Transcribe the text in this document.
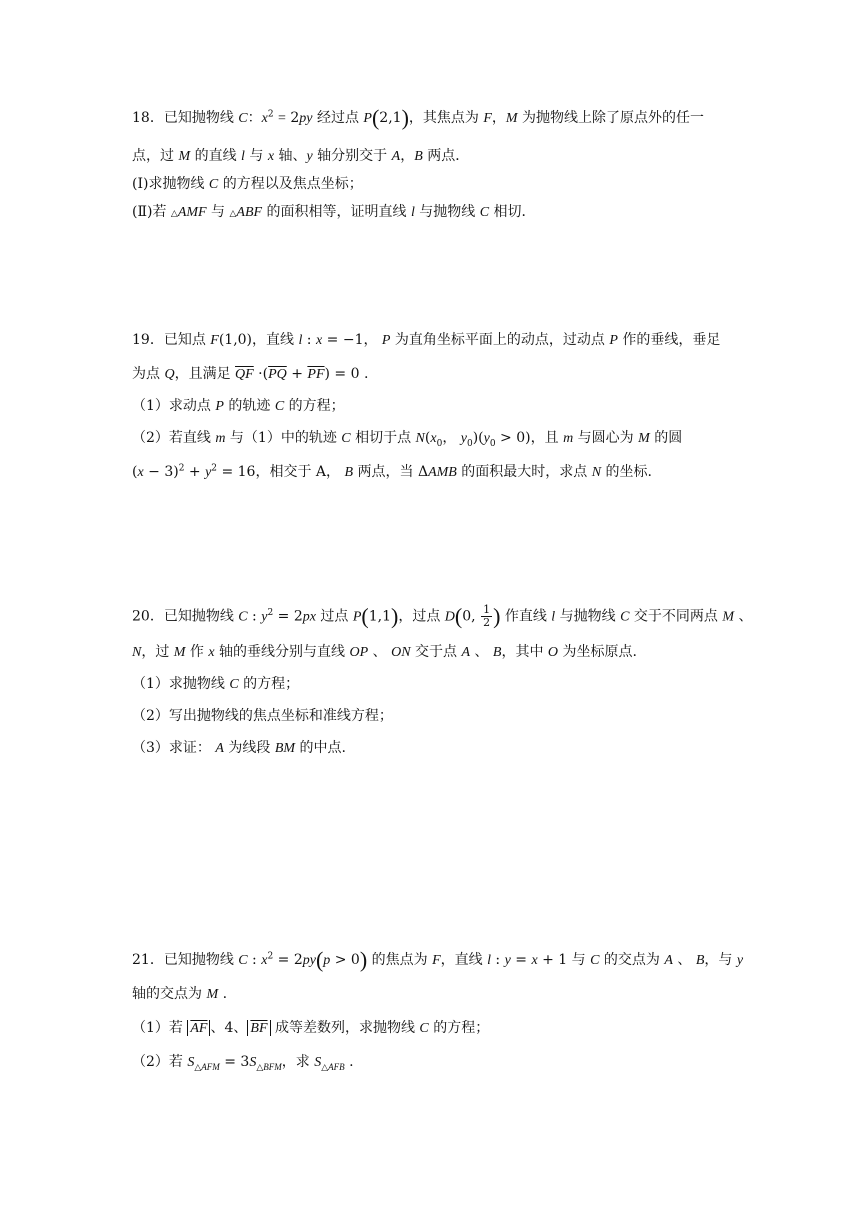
18．已知抛物线 C：$x^2 = 2py$ 经过点 P(2,1)，其焦点为 F，M 为抛物线上除了原点外的任一
点，过 M 的直线 l 与 x 轴、y 轴分别交于 A，B 两点．
(Ⅰ)求抛物线 C 的方程以及焦点坐标；
(Ⅱ)若 △AMF 与 △ABF 的面积相等，证明直线 l 与抛物线 C 相切．
19．已知点 F(1,0)，直线 l : x = −1， P 为直角坐标平面上的动点，过动点 P 作的垂线，垂足
为点 Q，且满足 $\overline{QF} \cdot(\overline{PQ} + \overline{PF}) = 0$ .
（1）求动点 P 的轨迹 C 的方程；
（2）若直线 m 与（1）中的轨迹 C 相切于点 $N(x_0$， $y_0)(y_0 > 0)$，且 m 与圆心为 M 的圆
$(x - 3)^2 + y^2 = 16$，相交于 A， B 两点，当 ΔAMB 的面积最大时，求点 N 的坐标.
20．已知抛物线 C : $y^2 = 2px$ 过点 P(1,1)，过点 D(0, $\frac{1}{2}$ ) 作直线 l 与抛物线 C 交于不同两点 M 、
N，过 M 作 x 轴的垂线分别与直线 OP 、 ON 交于点 A 、 B，其中 O 为坐标原点.
（1）求抛物线 C 的方程；
（2）写出抛物线的焦点坐标和准线方程；
（3）求证： A 为线段 BM 的中点.
21．已知抛物线 C : $x^2 = 2py(p > 0)$ 的焦点为 F，直线 l : y = x + 1 与 C 的交点为 A 、 B，与 y
轴的交点为 M .
（1）若 $\overline{AF}$ 、4、 $\overline{BF}$ 成等差数列，求抛物线 C 的方程；
（2）若 $S_{\triangle AFM} = 3S_{\triangle BFM}$，求 $S_{\triangle AFB}$ .
